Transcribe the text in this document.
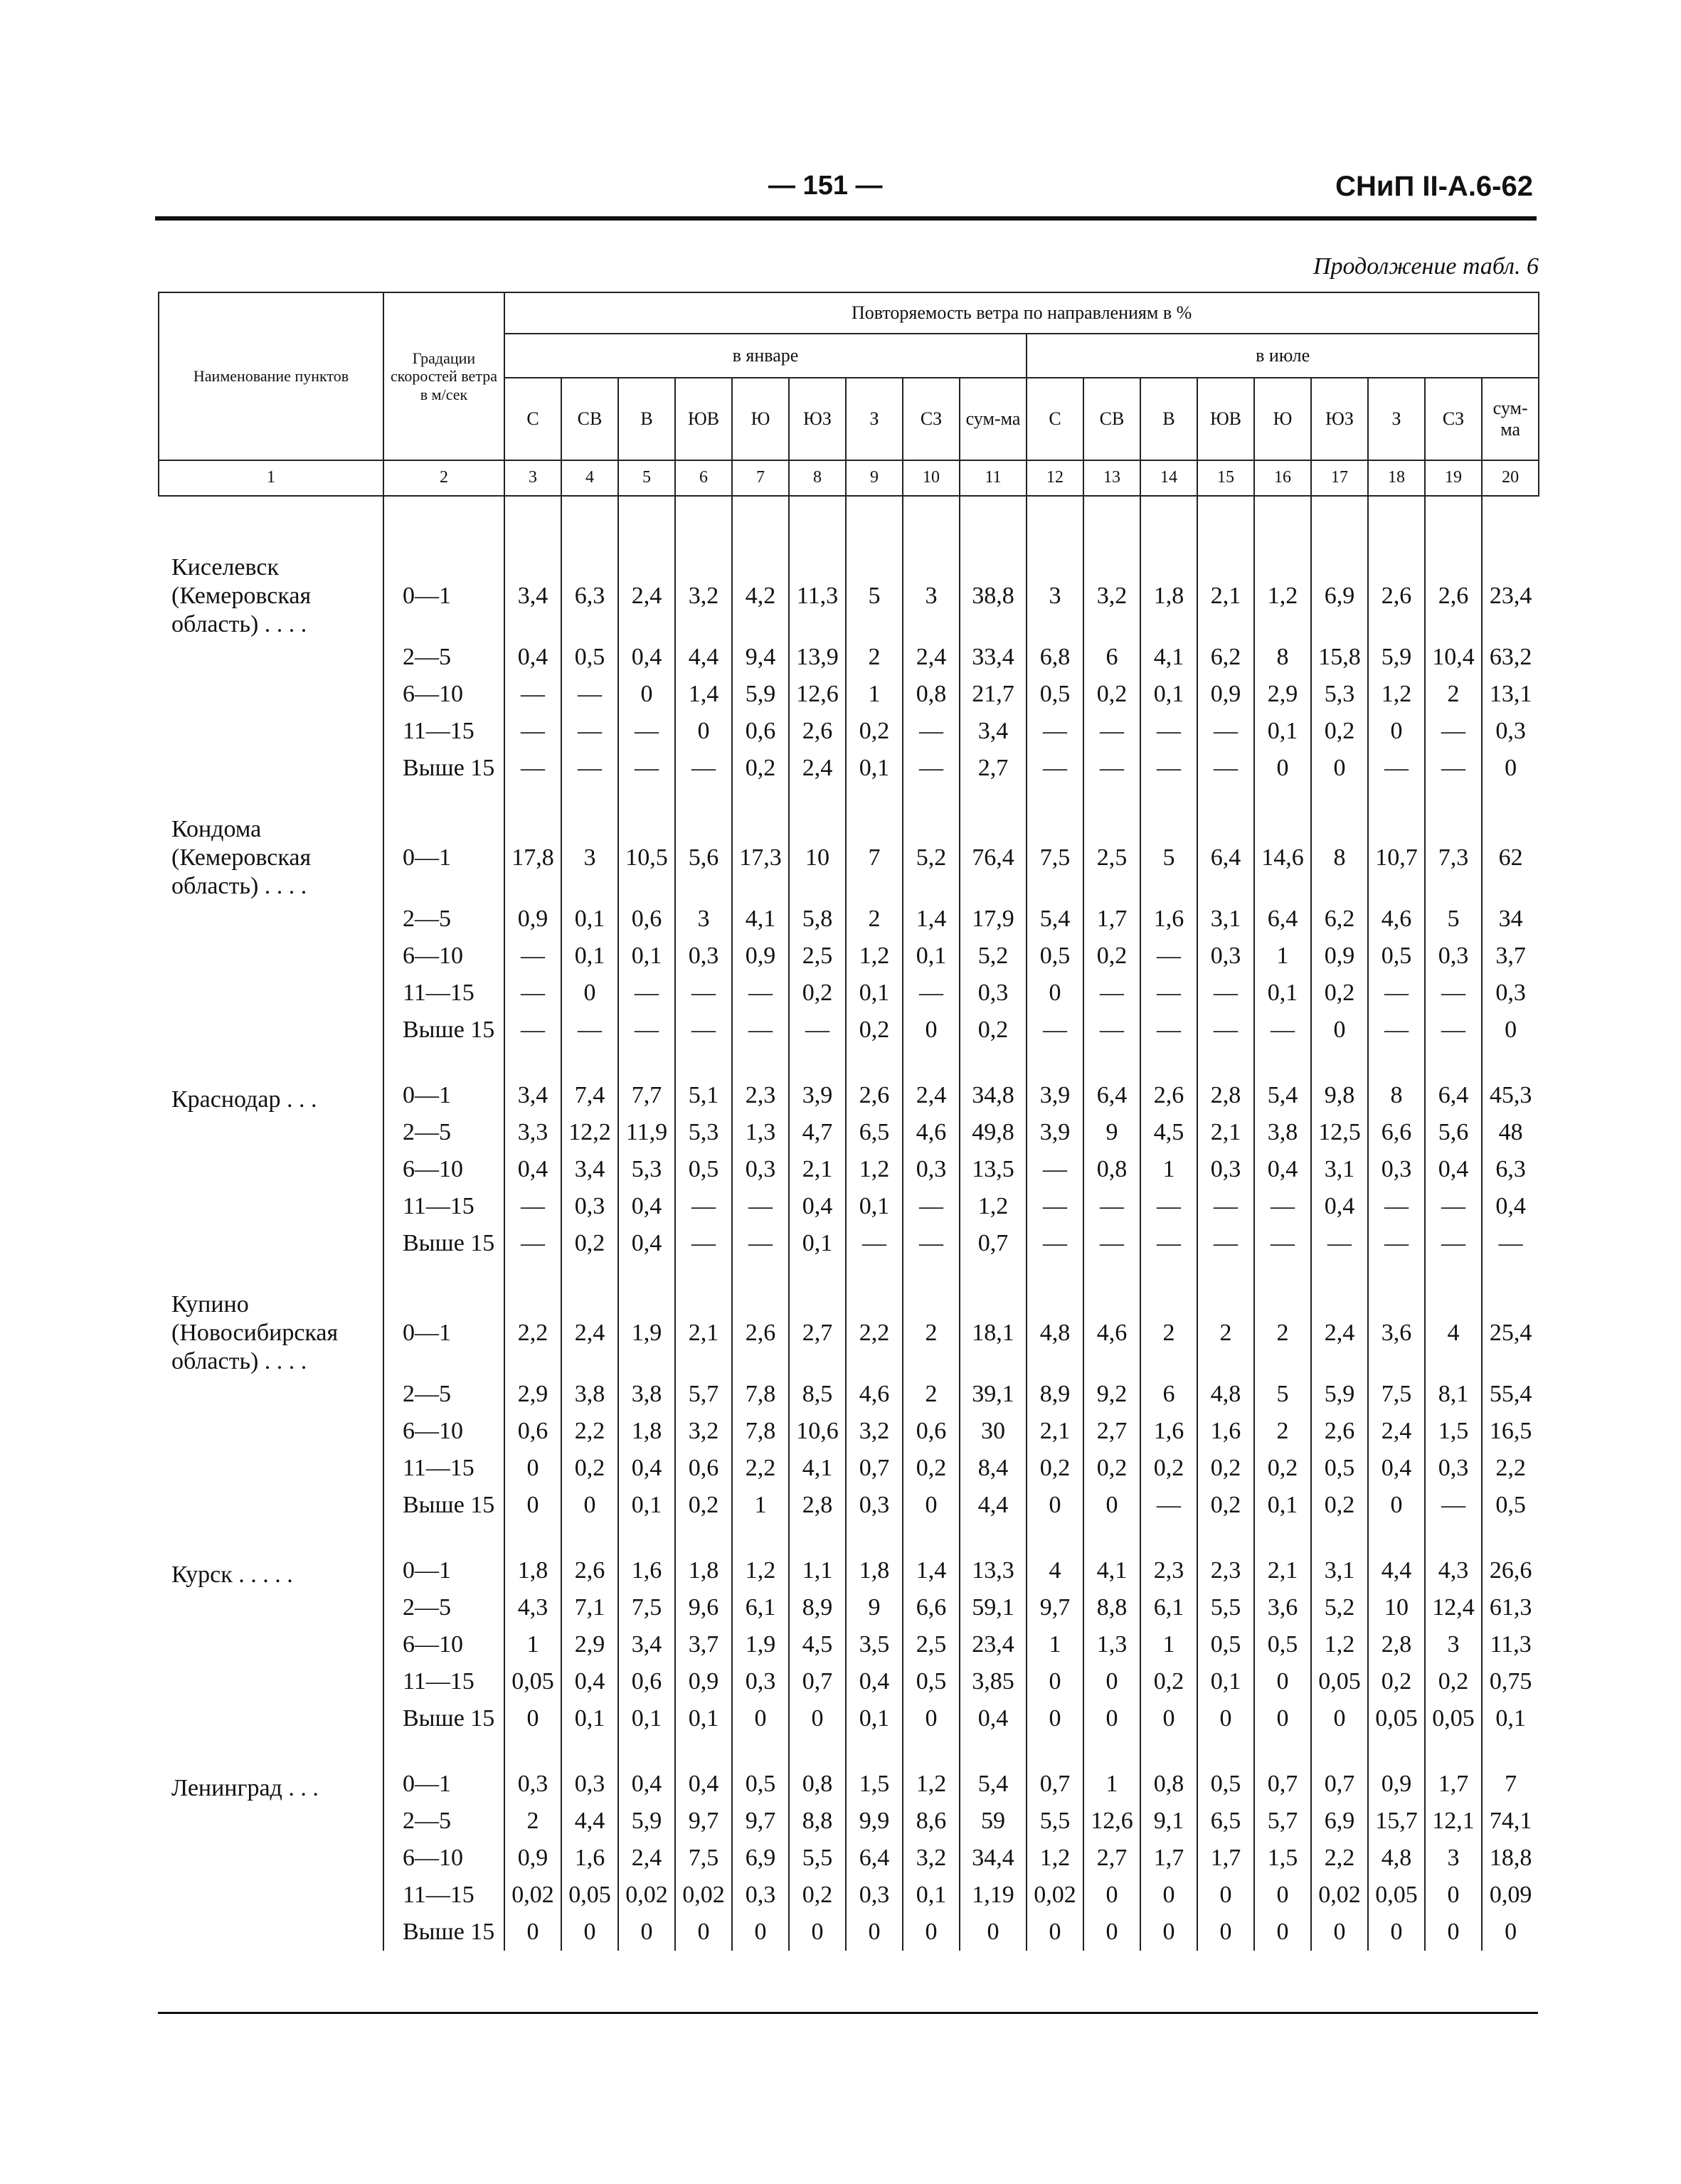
— 151 —	СНиП II-А.6-62
Продолжение табл. 6
Наименование пунктов	Градации скоростей ветра в м/сек	Повторяемость ветра по направлениям в %																	
		в январе									в июле								
		С	СВ	В	ЮВ	Ю	ЮЗ	З	СЗ	сум-ма	С	СВ	В	ЮВ	Ю	ЮЗ	З	СЗ	сум-ма
1	2	3	4	5	6	7	8	9	10	11	12	13	14	15	16	17	18	19	20

Киселевск (Кемеровская область) . . . .	0—1	3,4	6,3	2,4	3,2	4,2	11,3	5	3	38,8	3	3,2	1,8	2,1	1,2	6,9	2,6	2,6	23,4
	2—5	0,4	0,5	0,4	4,4	9,4	13,9	2	2,4	33,4	6,8	6	4,1	6,2	8	15,8	5,9	10,4	63,2
	6—10	—	—	0	1,4	5,9	12,6	1	0,8	21,7	0,5	0,2	0,1	0,9	2,9	5,3	1,2	2	13,1
	11—15	—	—	—	0	0,6	2,6	0,2	—	3,4	—	—	—	—	0,1	0,2	0	—	0,3
	Выше 15	—	—	—	—	0,2	2,4	0,1	—	2,7	—	—	—	—	0	0	—	—	0

Кондома (Кемеровская область) . . . .	0—1	17,8	3	10,5	5,6	17,3	10	7	5,2	76,4	7,5	2,5	5	6,4	14,6	8	10,7	7,3	62
	2—5	0,9	0,1	0,6	3	4,1	5,8	2	1,4	17,9	5,4	1,7	1,6	3,1	6,4	6,2	4,6	5	34
	6—10	—	0,1	0,1	0,3	0,9	2,5	1,2	0,1	5,2	0,5	0,2	—	0,3	1	0,9	0,5	0,3	3,7
	11—15	—	0	—	—	—	0,2	0,1	—	0,3	0	—	—	—	0,1	0,2	—	—	0,3
	Выше 15	—	—	—	—	—	—	0,2	0	0,2	—	—	—	—	—	0	—	—	0

Краснодар . . .	0—1	3,4	7,4	7,7	5,1	2,3	3,9	2,6	2,4	34,8	3,9	6,4	2,6	2,8	5,4	9,8	8	6,4	45,3
	2—5	3,3	12,2	11,9	5,3	1,3	4,7	6,5	4,6	49,8	3,9	9	4,5	2,1	3,8	12,5	6,6	5,6	48
	6—10	0,4	3,4	5,3	0,5	0,3	2,1	1,2	0,3	13,5	—	0,8	1	0,3	0,4	3,1	0,3	0,4	6,3
	11—15	—	0,3	0,4	—	—	0,4	0,1	—	1,2	—	—	—	—	—	0,4	—	—	0,4
	Выше 15	—	0,2	0,4	—	—	0,1	—	—	0,7	—	—	—	—	—	—	—	—	—

Купино (Новосибирская область) . . . .	0—1	2,2	2,4	1,9	2,1	2,6	2,7	2,2	2	18,1	4,8	4,6	2	2	2	2,4	3,6	4	25,4
	2—5	2,9	3,8	3,8	5,7	7,8	8,5	4,6	2	39,1	8,9	9,2	6	4,8	5	5,9	7,5	8,1	55,4
	6—10	0,6	2,2	1,8	3,2	7,8	10,6	3,2	0,6	30	2,1	2,7	1,6	1,6	2	2,6	2,4	1,5	16,5
	11—15	0	0,2	0,4	0,6	2,2	4,1	0,7	0,2	8,4	0,2	0,2	0,2	0,2	0,2	0,5	0,4	0,3	2,2
	Выше 15	0	0	0,1	0,2	1	2,8	0,3	0	4,4	0	0	—	0,2	0,1	0,2	0	—	0,5

Курск . . . . .	0—1	1,8	2,6	1,6	1,8	1,2	1,1	1,8	1,4	13,3	4	4,1	2,3	2,3	2,1	3,1	4,4	4,3	26,6
	2—5	4,3	7,1	7,5	9,6	6,1	8,9	9	6,6	59,1	9,7	8,8	6,1	5,5	3,6	5,2	10	12,4	61,3
	6—10	1	2,9	3,4	3,7	1,9	4,5	3,5	2,5	23,4	1	1,3	1	0,5	0,5	1,2	2,8	3	11,3
	11—15	0,05	0,4	0,6	0,9	0,3	0,7	0,4	0,5	3,85	0	0	0,2	0,1	0	0,05	0,2	0,2	0,75
	Выше 15	0	0,1	0,1	0,1	0	0	0,1	0	0,4	0	0	0	0	0	0	0,05	0,05	0,1

Ленинград . . .	0—1	0,3	0,3	0,4	0,4	0,5	0,8	1,5	1,2	5,4	0,7	1	0,8	0,5	0,7	0,7	0,9	1,7	7
	2—5	2	4,4	5,9	9,7	9,7	8,8	9,9	8,6	59	5,5	12,6	9,1	6,5	5,7	6,9	15,7	12,1	74,1
	6—10	0,9	1,6	2,4	7,5	6,9	5,5	6,4	3,2	34,4	1,2	2,7	1,7	1,7	1,5	2,2	4,8	3	18,8
	11—15	0,02	0,05	0,02	0,02	0,3	0,2	0,3	0,1	1,19	0,02	0	0	0	0	0,02	0,05	0	0,09
	Выше 15	0	0	0	0	0	0	0	0	0	0	0	0	0	0	0	0	0	0
